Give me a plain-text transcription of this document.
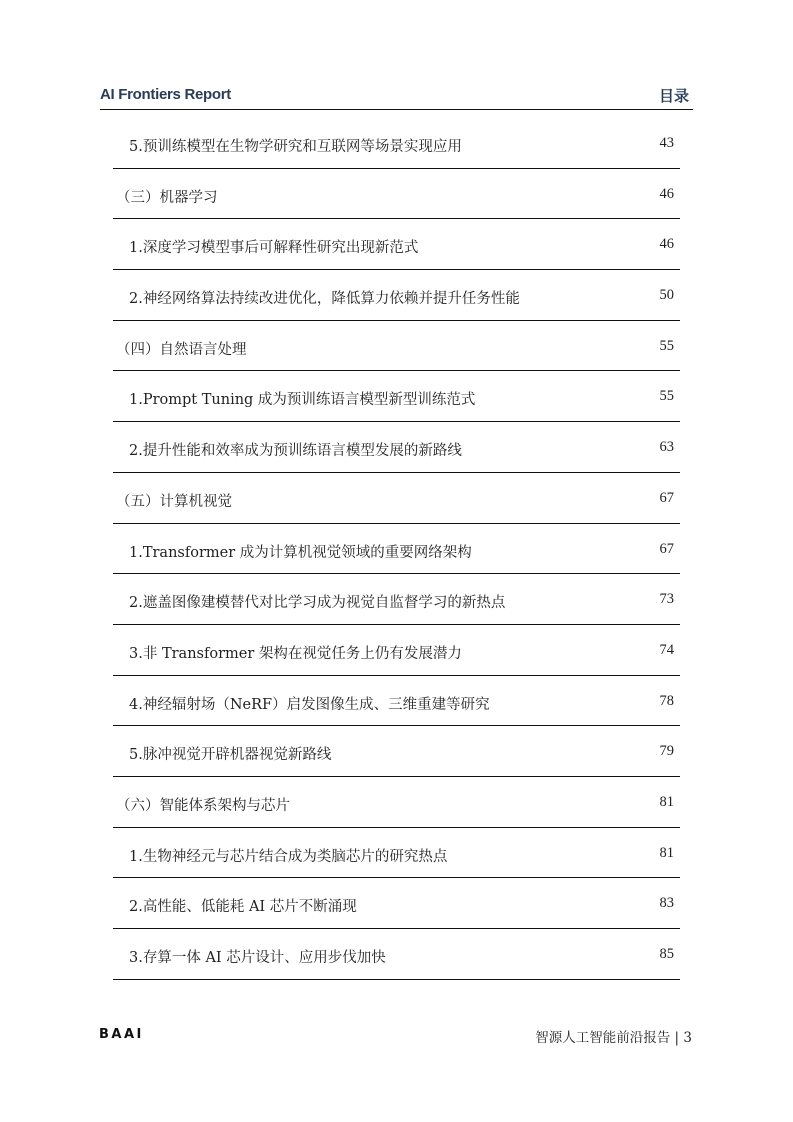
AI Frontiers Report	目录
5.预训练模型在生物学研究和互联网等场景实现应用	43
（三）机器学习	46
1.深度学习模型事后可解释性研究出现新范式	46
2.神经网络算法持续改进优化，降低算力依赖并提升任务性能	50
（四）自然语言处理	55
1.Prompt Tuning 成为预训练语言模型新型训练范式	55
2.提升性能和效率成为预训练语言模型发展的新路线	63
（五）计算机视觉	67
1.Transformer 成为计算机视觉领域的重要网络架构	67
2.遮盖图像建模替代对比学习成为视觉自监督学习的新热点	73
3.非 Transformer 架构在视觉任务上仍有发展潜力	74
4.神经辐射场（NeRF）启发图像生成、三维重建等研究	78
5.脉冲视觉开辟机器视觉新路线	79
（六）智能体系架构与芯片	81
1.生物神经元与芯片结合成为类脑芯片的研究热点	81
2.高性能、低能耗 AI 芯片不断涌现	83
3.存算一体 AI 芯片设计、应用步伐加快	85
BAAI	智源人工智能前沿报告 | 3
